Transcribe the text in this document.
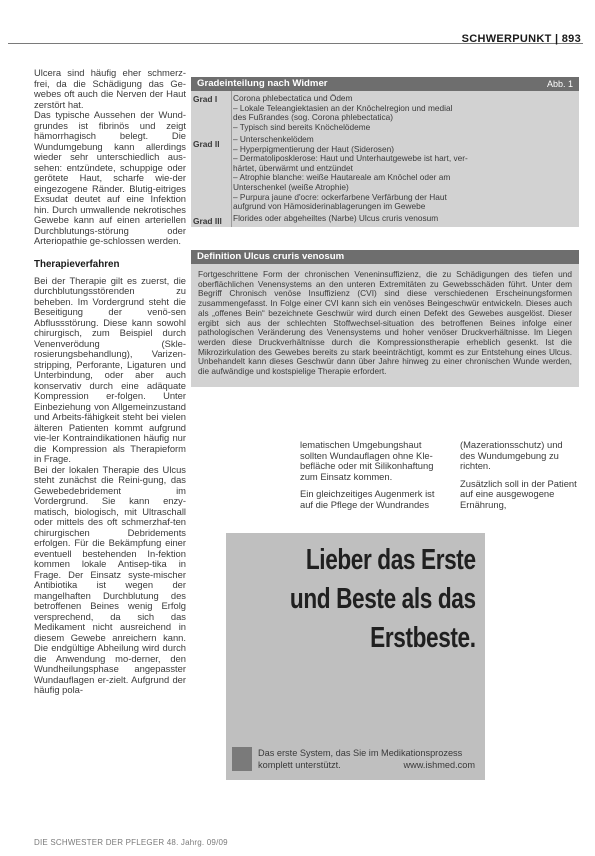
SCHWERPUNKT | 893

Ulcera sind häufig eher schmerz-frei, da die Schädigung das Ge-webes oft auch die Nerven der Haut zerstört hat.

Das typische Aussehen der Wund-grundes ist fibrinös und zeigt hämorrhagisch belegt. Die Wundumgebung kann allerdings wieder sehr unterschiedlich aus-sehen: entzündete, schuppige oder gerötete Haut, scharfe wie-der eingezogene Ränder. Blutig-eitriges Exsudat deutet auf eine Infektion hin. Durch umwallende nekrotisches Gewebe kann auf einen arteriellen Durchblutungs-störung oder Arteriopathie ge-schlossen werden.

Therapieverfahren

Bei der Therapie gilt es zuerst, die durchblutungsstörenden zu beheben. Im Vordergrund steht die Beseitigung der venö-sen Abflussstörung. Diese kann sowohl chirurgisch, zum Beispiel durch Venenverödung (Skle-rosierungsbehandlung), Varizen-stripping, Perforante, Ligaturen und Unterbindung, oder aber auch konservativ durch eine adäquate Kompression er-folgen. Unter Einbeziehung von Allgemeinzustand und Arbeits-fähigkeit steht bei vielen älteren Patienten kommt aufgrund vie-ler Kontraindikationen häufig nur die Kompression als Therapieform in Frage.

Bei der lokalen Therapie des Ulcus steht zunächst die Reini-gung, das Gewebedebridement im Vordergrund. Sie kann enzy-matisch, biologisch, mit Ultraschall oder mittels des oft schmerzhaf-ten chirurgischen Debridements erfolgen. Für die Bekämpfung einer eventuell bestehenden In-fektion kommen lokale Antisep-tika in Frage. Der Einsatz syste-mischer Antibiotika ist wegen der mangelhaften Durchblutung des betroffenen Beines wenig Erfolg versprechend, da sich das Medikament nicht ausreichend in diesem Gewebe anreichern kann. Die endgültige Abheilung wird durch die Anwendung mo-derner, den Wundheilungsphase angepasster Wundauflagen er-zielt. Aufgrund der häufig pola-

Gradeinteilung nach Widmer	Abb. 1
Grad I	Corona phlebectatica und Ödem
– Lokale Teleangiektasien an der Knöchelregion und medial
des Fußrandes (sog. Corona phlebectatica)
– Typisch sind bereits Knöchelödeme
Grad II	– Unterschenkelödem
– Hyperpigmentierung der Haut (Siderosen)
– Dermatoliposklerose: Haut und Unterhautgewebe ist hart, ver-
härtet, überwärmt und entzündet
– Atrophie blanche: weiße Hautareale am Knöchel oder am
Unterschenkel (weiße Atrophie)
– Purpura jaune d'ocre: ockerfarbene Verfärbung der Haut
aufgrund von Hämosiderinablagerungen im Gewebe
Grad III	Florides oder abgeheiltes (Narbe) Ulcus cruris venosum
Definition Ulcus cruris venosum
Fortgeschrittene Form der chronischen Veneninsuffizienz, die zu Schädigungen des tiefen und oberflächlichen Venensystems an den unteren Extremitäten zu Gewebsschäden führt. Unter dem Begriff Chronisch venöse Insuffizienz (CVI) sind diese verschiedenen Erscheinungsformen zusammengefasst. In Folge einer CVI kann sich ein venöses Beingeschwür entwickeln. Dieses auch als „offenes Bein“ bezeichnete Geschwür wird durch einen Defekt des Gewebes ausgelöst. Dieser ergibt sich aus der schlechten Stoffwechsel-situation des betroffenen Beines infolge einer pathologischen Veränderung des Venensystems und hoher venöser Druckverhältnisse. Im Liegen werden diese Druckverhältnisse durch die Kompressionstherapie erheblich gesenkt. Ist die Mikrozirkulation des Gewebes bereits zu stark beeinträchtigt, kommt es zur Entstehung eines Ulcus. Unbehandelt kann dieses Geschwür dann über Jahre hinweg zu einer chronischen Wunde werden, die aufwändige und kostspielige Therapie erfordert.

lematischen Umgebungshaut sollten Wundauflagen ohne Kle-befläche oder mit Silikonhaftung zum Einsatz kommen.

Ein gleichzeitiges Augenmerk ist auf die Pflege der Wundrandes

(Mazerationsschutz) und des Wundumgebung zu richten.

Zusätzlich soll in der Patient auf eine ausgewogene Ernährung,

Lieber das Erste
und Beste als das
Erstbeste.
Das erste System, das Sie im Medikationsprozess
komplett unterstützt.	www.ishmed.com
DIE SCHWESTER DER PFLEGER 48. Jahrg. 09/09
